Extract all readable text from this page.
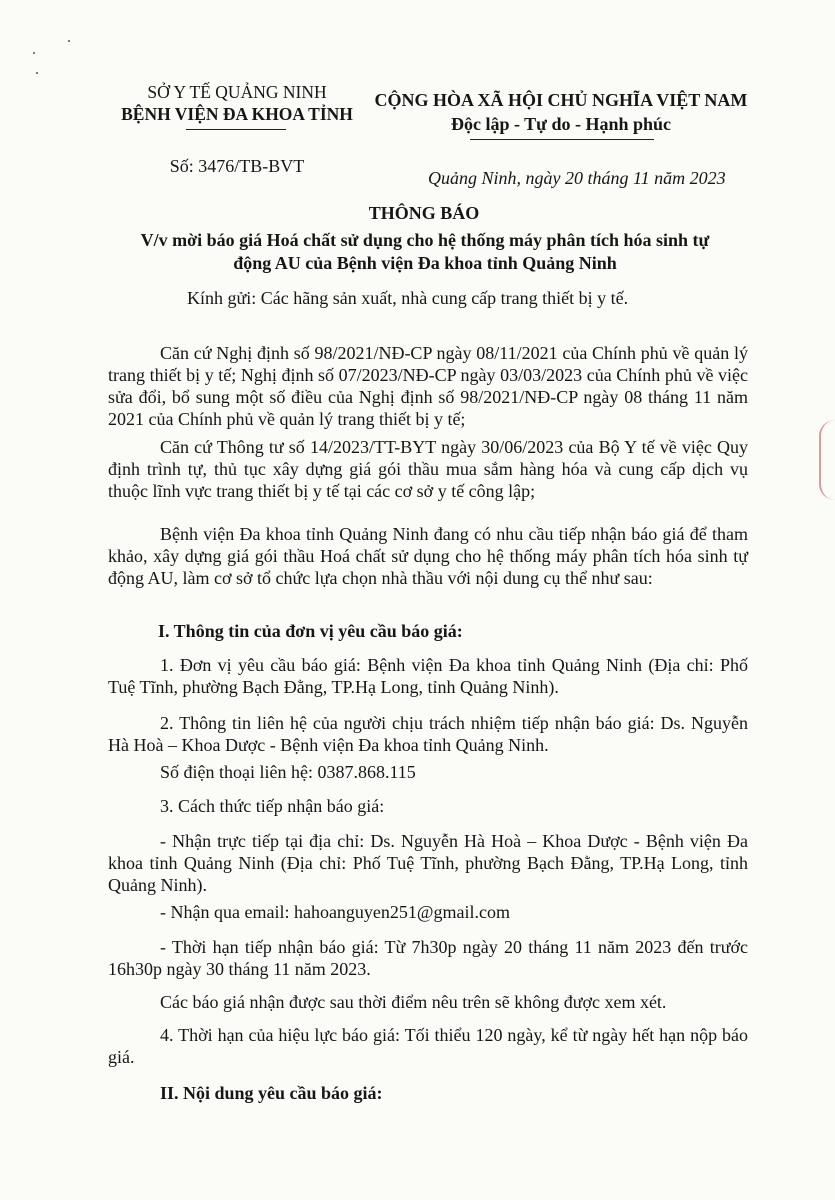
SỞ Y TẾ QUẢNG NINH
BỆNH VIỆN ĐA KHOA TỈNH
Số: 3476/TB-BVT
CỘNG HÒA XÃ HỘI CHỦ NGHĨA VIỆT NAM
Độc lập - Tự do - Hạnh phúc
Quảng Ninh, ngày 20 tháng 11 năm 2023
THÔNG BÁO
V/v mời báo giá Hoá chất sử dụng cho hệ thống máy phân tích hóa sinh tự
động AU của Bệnh viện Đa khoa tỉnh Quảng Ninh
Kính gửi: Các hãng sản xuất, nhà cung cấp trang thiết bị y tế.

Căn cứ Nghị định số 98/2021/NĐ-CP ngày 08/11/2021 của Chính phủ về quản lý trang thiết bị y tế; Nghị định số 07/2023/NĐ-CP ngày 03/03/2023 của Chính phủ về việc sửa đổi, bổ sung một số điều của Nghị định số 98/2021/NĐ-CP ngày 08 tháng 11 năm 2021 của Chính phủ về quản lý trang thiết bị y tế;

Căn cứ Thông tư số 14/2023/TT-BYT ngày 30/06/2023 của Bộ Y tế về việc Quy định trình tự, thủ tục xây dựng giá gói thầu mua sắm hàng hóa và cung cấp dịch vụ thuộc lĩnh vực trang thiết bị y tế tại các cơ sở y tế công lập;

Bệnh viện Đa khoa tỉnh Quảng Ninh đang có nhu cầu tiếp nhận báo giá để tham khảo, xây dựng giá gói thầu Hoá chất sử dụng cho hệ thống máy phân tích hóa sinh tự động AU, làm cơ sở tổ chức lựa chọn nhà thầu với nội dung cụ thể như sau:

I. Thông tin của đơn vị yêu cầu báo giá:

1. Đơn vị yêu cầu báo giá: Bệnh viện Đa khoa tỉnh Quảng Ninh (Địa chỉ: Phố Tuệ Tĩnh, phường Bạch Đằng, TP.Hạ Long, tỉnh Quảng Ninh).

2. Thông tin liên hệ của người chịu trách nhiệm tiếp nhận báo giá: Ds. Nguyễn Hà Hoà – Khoa Dược - Bệnh viện Đa khoa tỉnh Quảng Ninh.

Số điện thoại liên hệ: 0387.868.115
3. Cách thức tiếp nhận báo giá:

- Nhận trực tiếp tại địa chỉ: Ds. Nguyễn Hà Hoà – Khoa Dược - Bệnh viện Đa khoa tỉnh Quảng Ninh (Địa chỉ: Phố Tuệ Tĩnh, phường Bạch Đằng, TP.Hạ Long, tỉnh Quảng Ninh).

- Nhận qua email: hahoanguyen251@gmail.com

- Thời hạn tiếp nhận báo giá: Từ 7h30p ngày 20 tháng 11 năm 2023 đến trước 16h30p ngày 30 tháng 11 năm 2023.

Các báo giá nhận được sau thời điểm nêu trên sẽ không được xem xét.

4. Thời hạn của hiệu lực báo giá: Tối thiểu 120 ngày, kể từ ngày hết hạn nộp báo giá.

II. Nội dung yêu cầu báo giá:
